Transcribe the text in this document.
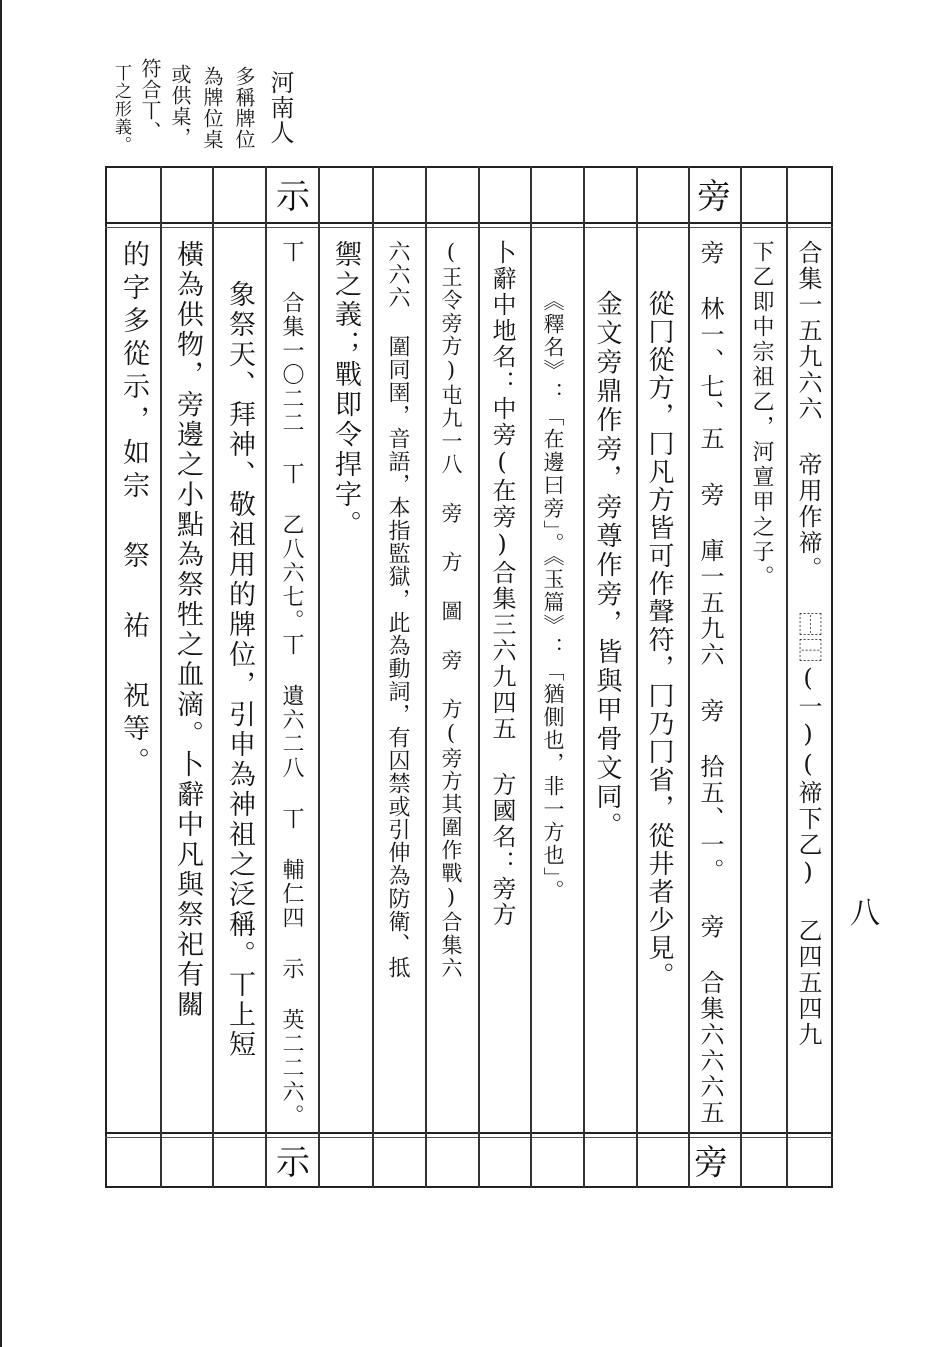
河南人
多稱牌位
為牌位桌
或供桌，
符合丅、
丅之形義。
八
示	旁
示	旁
合集一五九六六 帝用作禘。 ⿰⿱(一)(禘下乙) 乙四五四九
下乙即中宗祖乙，河亶甲之子。
旁 林一、七、五 旁 庫一五九六 旁 拾五、一。 旁 合集六六六五
從冂從方，冂凡方皆可作聲符，冂乃冂省，從井者少見。
金文旁鼎作旁，旁尊作旁，皆與甲骨文同。
《釋名》：「在邊曰旁」。《玉篇》：「猶側也，非一方也」。
卜辭中地名：中旁(在旁)合集三六九四五 方國名：旁方
(王令旁方)屯九一八 旁 方 圖 旁 方(旁方其圍作戰)合集六
六六六 圍同圉，音語，本指監獄，此為動詞，有囚禁或引伸為防衛、抵
禦之義；戰即令捍字。
丅 合集一〇二二 丅 乙八六七。丅 遺六二八 丅 輔仁四 示 英二二六。
象祭天、拜神、敬祖用的牌位，引申為神祖之泛稱。丅上短
橫為供物，旁邊之小點為祭牲之血滴。卜辭中凡與祭祀有關
的字多從示，如宗 祭 祐 祝等。
